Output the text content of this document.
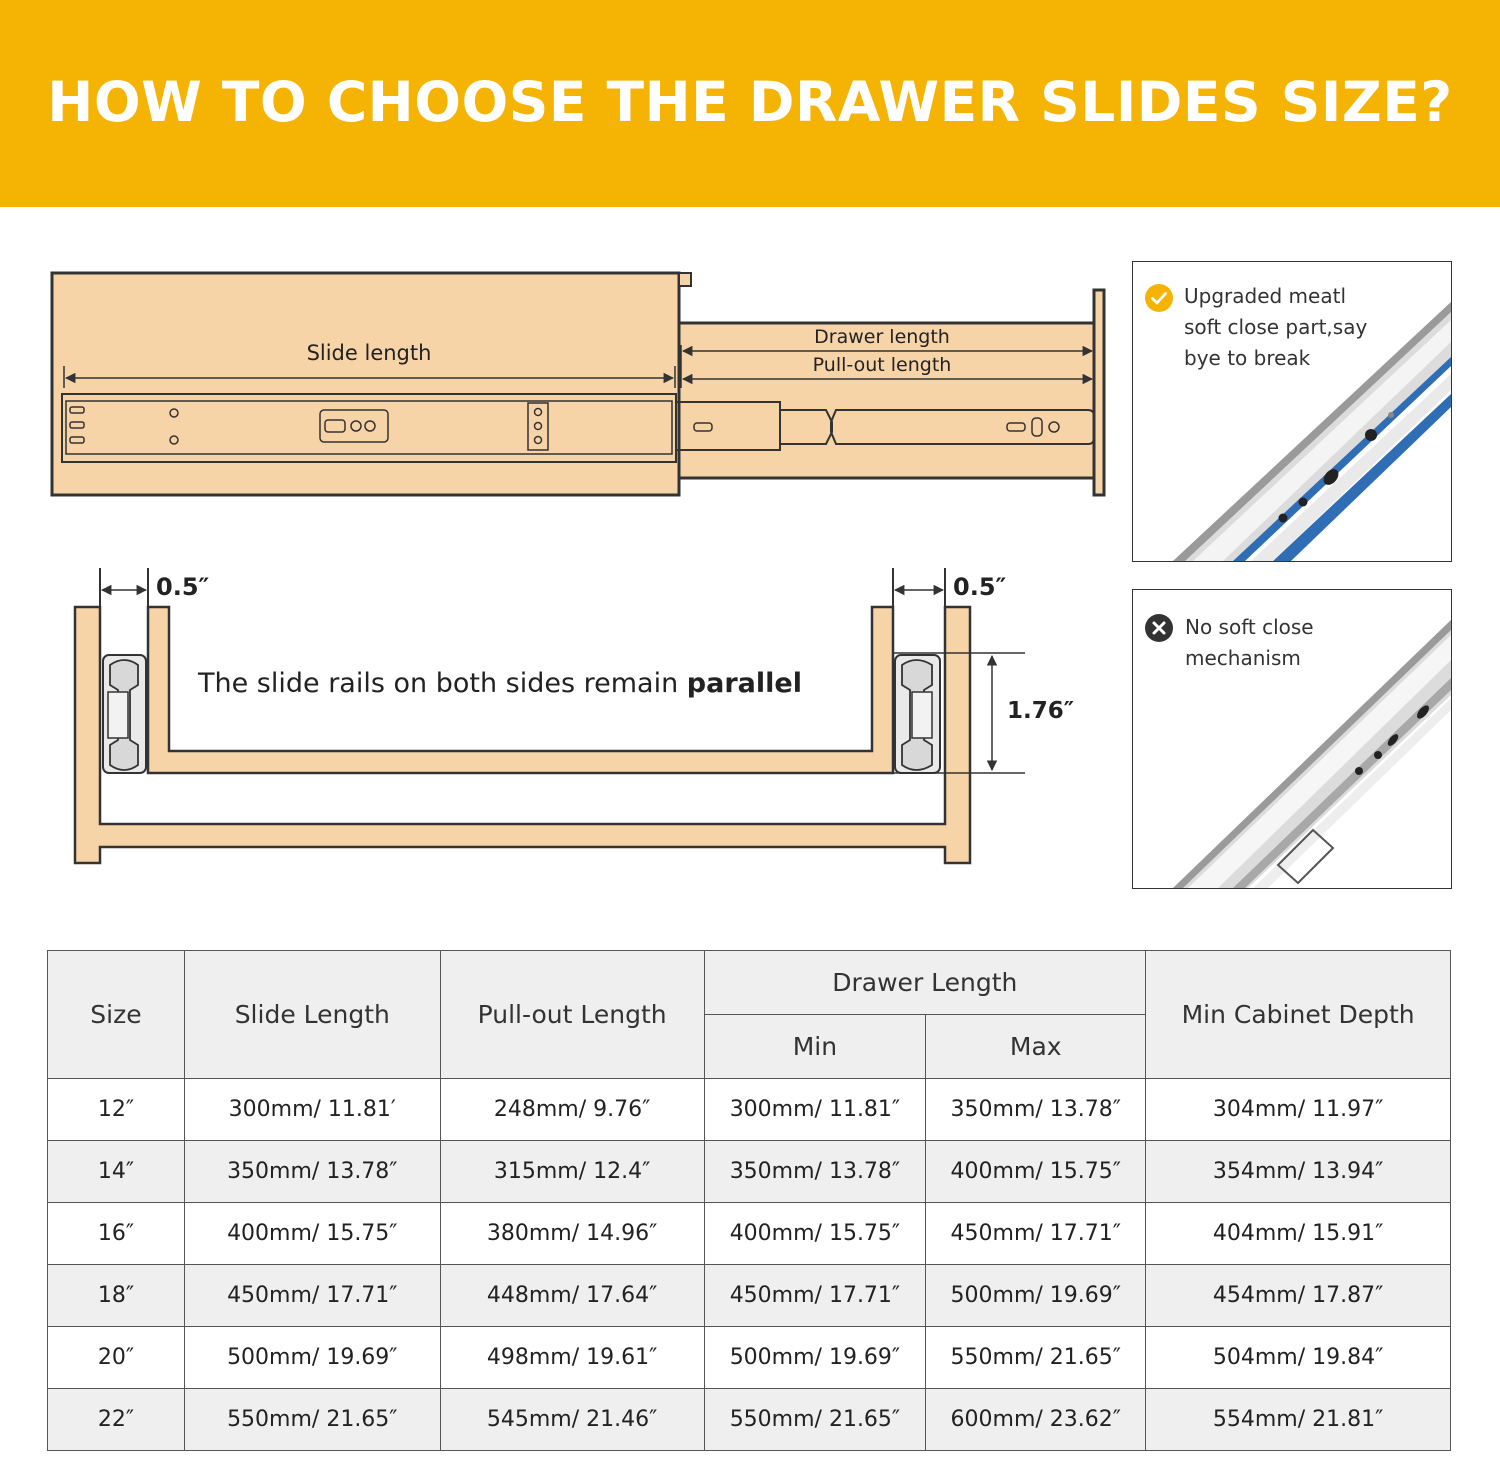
HOW TO CHOOSE THE DRAWER SLIDES SIZE?
Slide length
Drawer length
Pull-out length
0.5″	0.5″
1.76″
The slide rails on both sides remain parallel
Upgraded meatl
soft close part,say
bye to break
No soft close
mechanism
Size	Slide Length	Pull-out Length	Drawer Length		Min Cabinet Depth
			Min	Max	
12″	300mm/ 11.81′	248mm/ 9.76″	300mm/ 11.81″	350mm/ 13.78″	304mm/ 11.97″
14″	350mm/ 13.78″	315mm/ 12.4″	350mm/ 13.78″	400mm/ 15.75″	354mm/ 13.94″
16″	400mm/ 15.75″	380mm/ 14.96″	400mm/ 15.75″	450mm/ 17.71″	404mm/ 15.91″
18″	450mm/ 17.71″	448mm/ 17.64″	450mm/ 17.71″	500mm/ 19.69″	454mm/ 17.87″
20″	500mm/ 19.69″	498mm/ 19.61″	500mm/ 19.69″	550mm/ 21.65″	504mm/ 19.84″
22″	550mm/ 21.65″	545mm/ 21.46″	550mm/ 21.65″	600mm/ 23.62″	554mm/ 21.81″
